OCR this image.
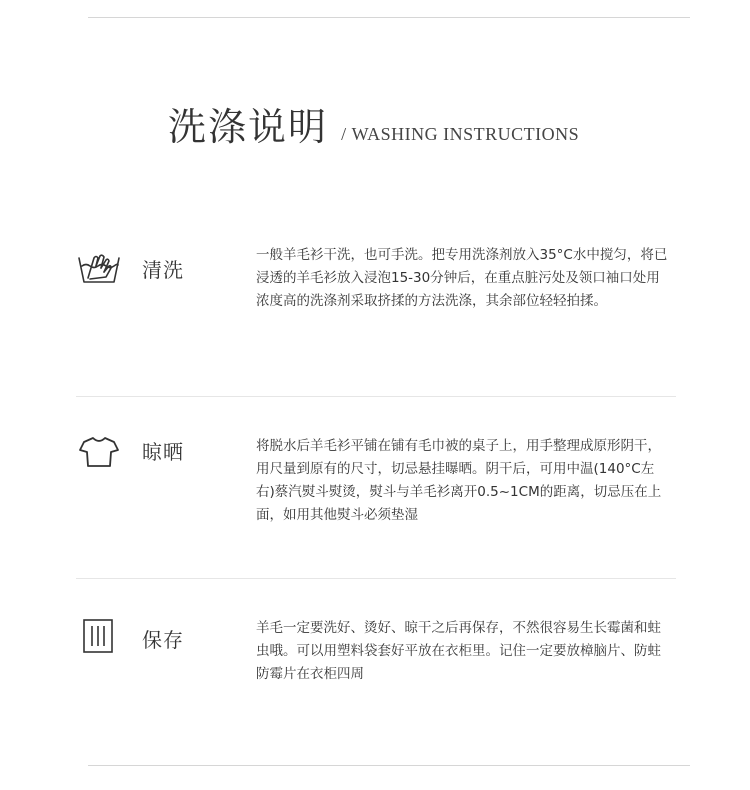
洗涤说明 / WASHING INSTRUCTIONS
清洗
一般羊毛衫干洗，也可手洗。把专用洗涤剂放入35°C水中搅匀，将已浸透的羊毛衫放入浸泡15-30分钟后，在重点脏污处及领口袖口处用浓度高的洗涤剂采取挤揉的方法洗涤，其余部位轻轻拍揉。
晾晒	将脱水后羊毛衫平铺在铺有毛巾被的桌子上，用手整理成原形阴干，用尺量到原有的尺寸，切忌悬挂曝晒。阴干后，可用中温(140°C左右)蔡汽熨斗熨烫，熨斗与羊毛衫离开0.5~1CM的距离，切忌压在上面，如用其他熨斗必须垫湿
保存	羊毛一定要洗好、烫好、晾干之后再保存，不然很容易生长霉菌和蛀虫哦。可以用塑料袋套好平放在衣柜里。记住一定要放樟脑片、防蛀防霉片在衣柜四周
